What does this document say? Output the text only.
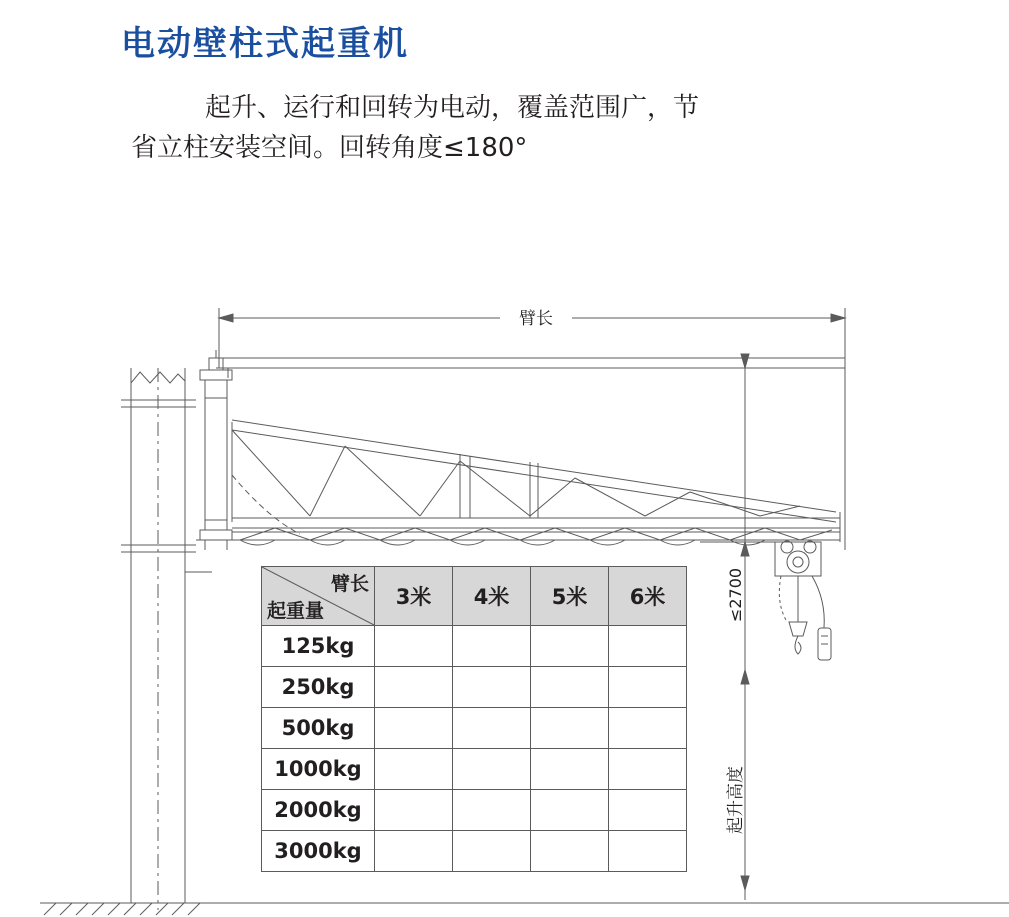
电动壁柱式起重机
起升、运行和回转为电动，覆盖范围广，节
省立柱安装空间。回转角度≤180°
臂长
≤2700
起升高度
臂长
起重量	3米	4米	5米	6米
125kg				
250kg				
500kg				
1000kg				
2000kg				
3000kg				
